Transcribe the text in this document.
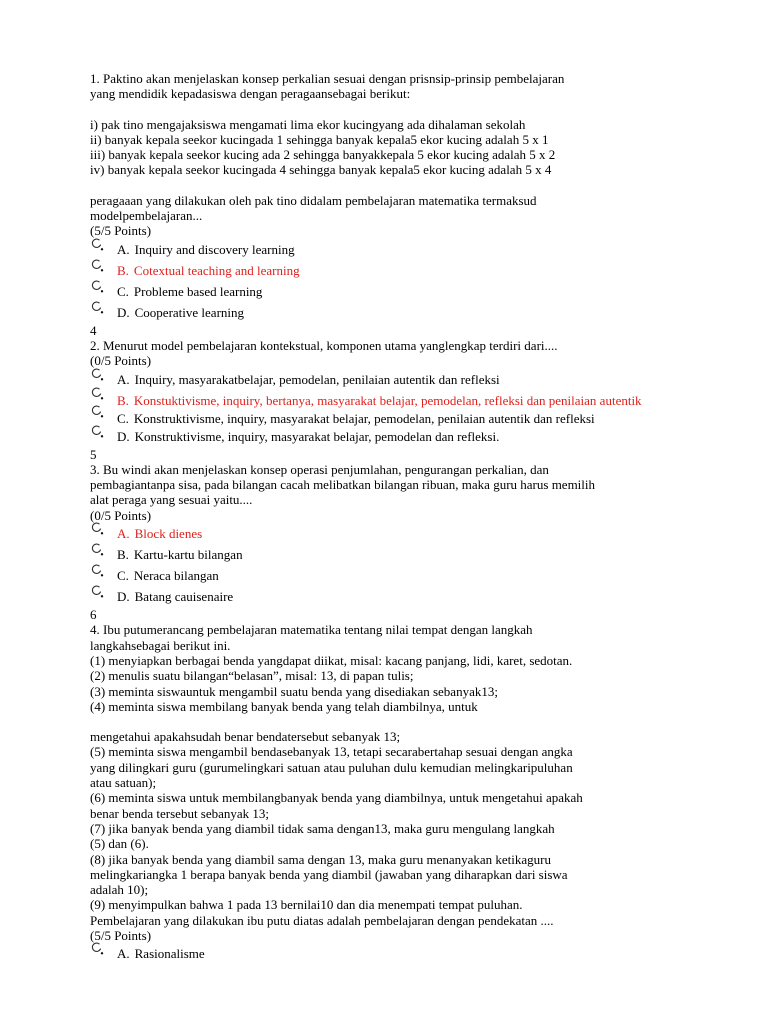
1. Paktino akan menjelaskan konsep perkalian sesuai dengan prisnsip-prinsip pembelajaran

yang mendidik kepadasiswa dengan peragaansebagai berikut:

i) pak tino mengajaksiswa mengamati lima ekor kucingyang ada dihalaman sekolah

ii) banyak kepala seekor kucingada 1 sehingga banyak kepala5 ekor kucing adalah 5 x 1

iii) banyak kepala seekor kucing ada 2 sehingga banyakkepala 5 ekor kucing adalah 5 x 2

iv) banyak kepala seekor kucingada 4 sehingga banyak kepala5 ekor kucing adalah 5 x 4

peragaaan yang dilakukan oleh pak tino didalam pembelajaran matematika termaksud

modelpembelajaran...

(5/5 Points)

A. Inquiry and discovery learning
B. Cotextual teaching and learning
C. Probleme based learning
D. Cooperative learning

4

2. Menurut model pembelajaran kontekstual, komponen utama yanglengkap terdiri dari....

(0/5 Points)

A. Inquiry, masyarakatbelajar, pemodelan, penilaian autentik dan refleksi
B. Konstuktivisme, inquiry, bertanya, masyarakat belajar, pemodelan, refleksi dan penilaian autentik
C. Konstruktivisme, inquiry, masyarakat belajar, pemodelan, penilaian autentik dan refleksi
D. Konstruktivisme, inquiry, masyarakat belajar, pemodelan dan refleksi.

5

3. Bu windi akan menjelaskan konsep operasi penjumlahan, pengurangan perkalian, dan

pembagiantanpa sisa, pada bilangan cacah melibatkan bilangan ribuan, maka guru harus memilih

alat peraga yang sesuai yaitu....

(0/5 Points)

A. Block dienes
B. Kartu-kartu bilangan
C. Neraca bilangan
D. Batang cauisenaire

6

4. Ibu putumerancang pembelajaran matematika tentang nilai tempat dengan langkah

langkahsebagai berikut ini.

(1) menyiapkan berbagai benda yangdapat diikat, misal: kacang panjang, lidi, karet, sedotan.

(2) menulis suatu bilangan“belasan”, misal: 13, di papan tulis;

(3) meminta siswauntuk mengambil suatu benda yang disediakan sebanyak13;

(4) meminta siswa membilang banyak benda yang telah diambilnya, untuk

mengetahui apakahsudah benar bendatersebut sebanyak 13;

(5) meminta siswa mengambil bendasebanyak 13, tetapi secarabertahap sesuai dengan angka

yang dilingkari guru (gurumelingkari satuan atau puluhan dulu kemudian melingkaripuluhan

atau satuan);

(6) meminta siswa untuk membilangbanyak benda yang diambilnya, untuk mengetahui apakah

benar benda tersebut sebanyak 13;

(7) jika banyak benda yang diambil tidak sama dengan13, maka guru mengulang langkah

(5) dan (6).

(8) jika banyak benda yang diambil sama dengan 13, maka guru menanyakan ketikaguru

melingkariangka 1 berapa banyak benda yang diambil (jawaban yang diharapkan dari siswa

adalah 10);

(9) menyimpulkan bahwa 1 pada 13 bernilai10 dan dia menempati tempat puluhan.

Pembelajaran yang dilakukan ibu putu diatas adalah pembelajaran dengan pendekatan ....

(5/5 Points)

A. Rasionalisme
